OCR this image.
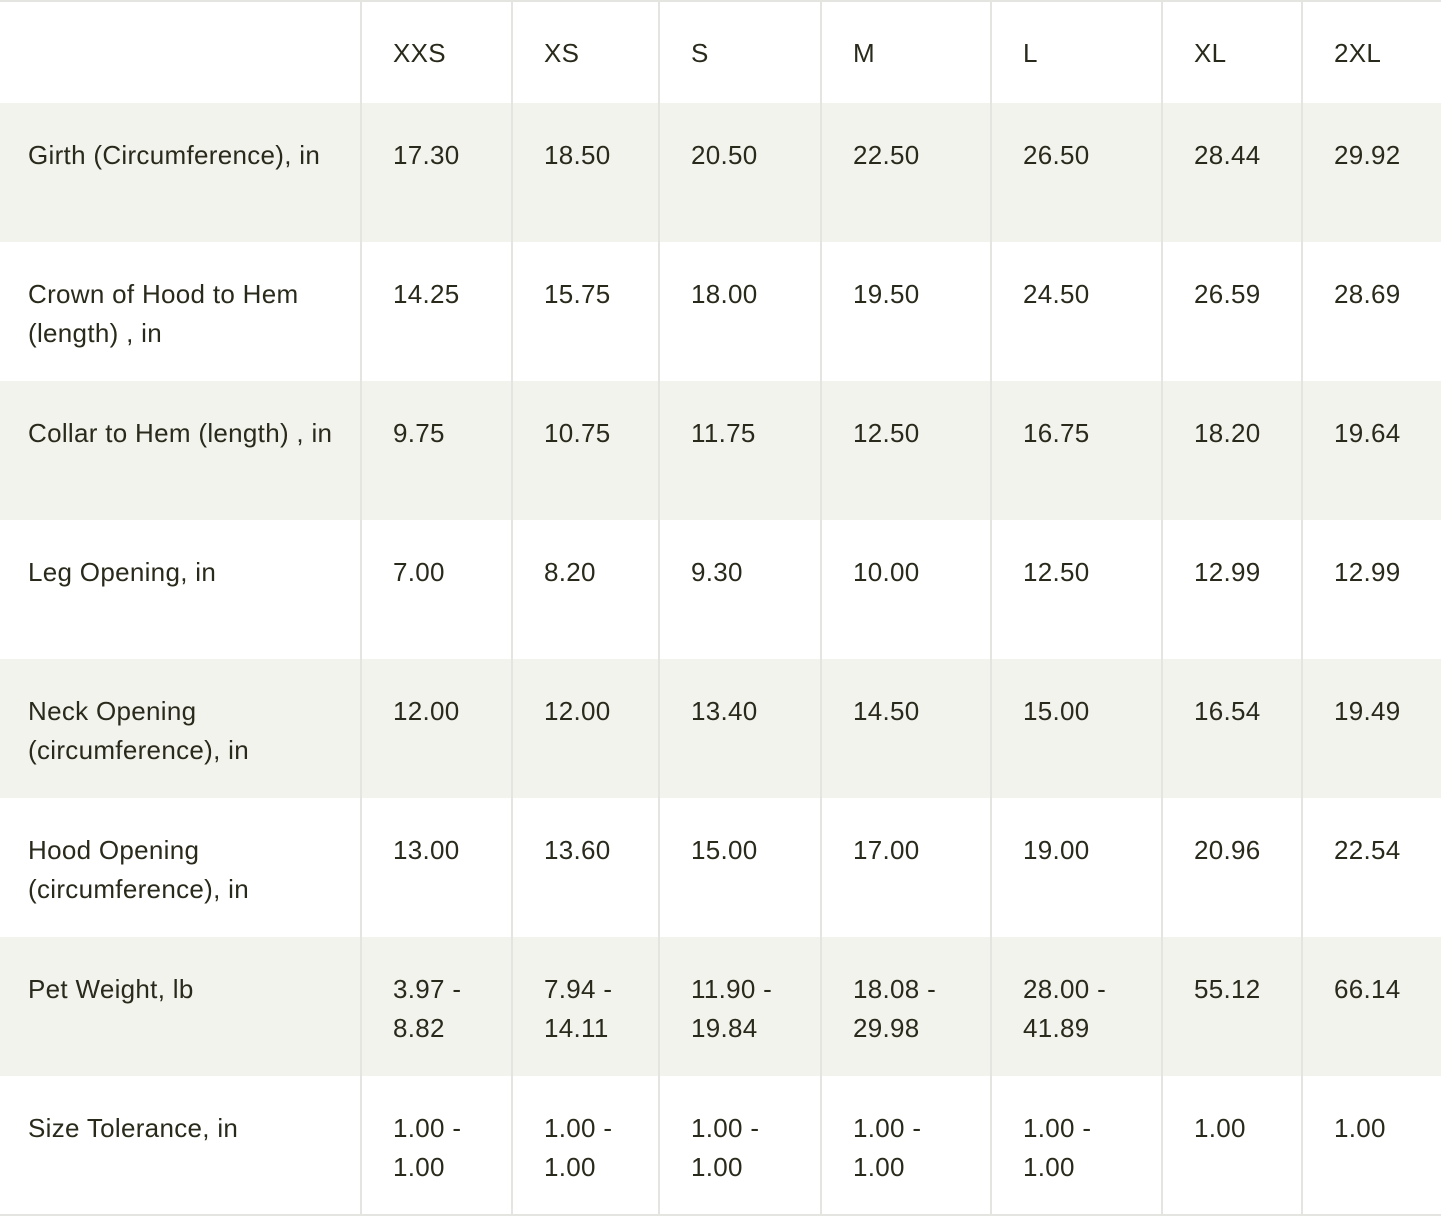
	XXS	XS	S	M	L	XL	2XL
Girth (Circumference), in	17.30	18.50	20.50	22.50	26.50	28.44	29.92
Crown of Hood to Hem (length) , in	14.25	15.75	18.00	19.50	24.50	26.59	28.69
Collar to Hem (length) , in	9.75	10.75	11.75	12.50	16.75	18.20	19.64
Leg Opening, in	7.00	8.20	9.30	10.00	12.50	12.99	12.99
Neck Opening (circumference), in	12.00	12.00	13.40	14.50	15.00	16.54	19.49
Hood Opening (circumference), in	13.00	13.60	15.00	17.00	19.00	20.96	22.54
Pet Weight, lb	3.97 - 8.82	7.94 - 14.11	11.90 - 19.84	18.08 - 29.98	28.00 - 41.89	55.12	66.14
Size Tolerance, in	1.00 - 1.00	1.00 - 1.00	1.00 - 1.00	1.00 - 1.00	1.00 - 1.00	1.00	1.00
